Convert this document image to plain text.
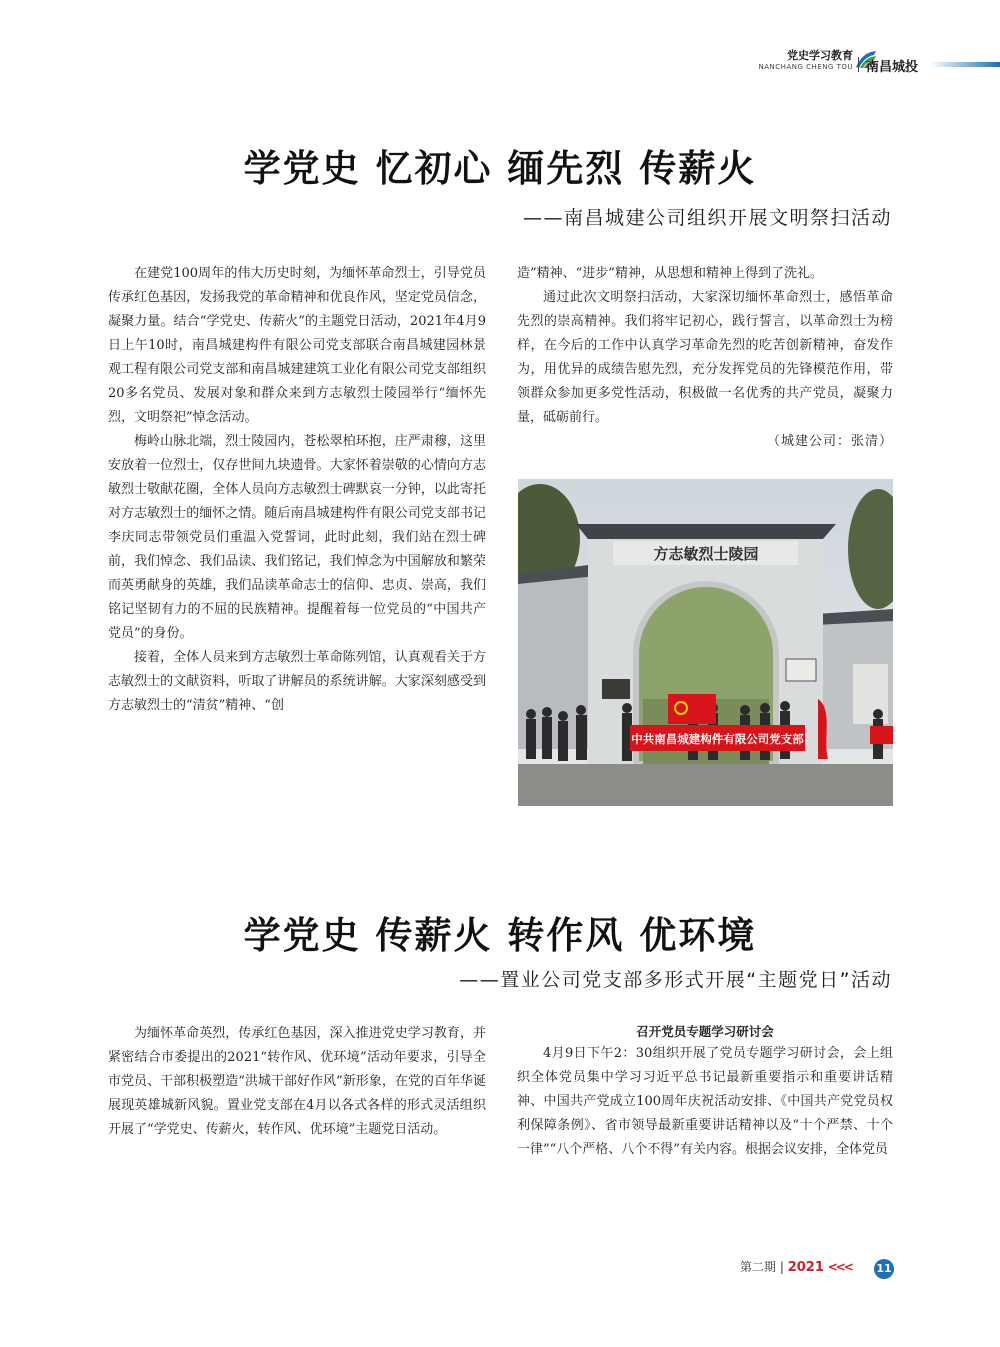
党史学习教育
NANCHANG CHENG TOU 南昌城投
学党史 忆初心 缅先烈 传薪火
——南昌城建公司组织开展文明祭扫活动

在建党100周年的伟大历史时刻，为缅怀革命烈士，引导党员传承红色基因，发扬我党的革命精神和优良作风，坚定党员信念，凝聚力量。结合“学党史、传薪火”的主题党日活动，2021年4月9日上午10时，南昌城建构件有限公司党支部联合南昌城建园林景观工程有限公司党支部和南昌城建建筑工业化有限公司党支部组织20多名党员、发展对象和群众来到方志敏烈士陵园举行“缅怀先烈，文明祭祀”悼念活动。

梅岭山脉北端，烈士陵园内，苍松翠柏环抱，庄严肃穆，这里安放着一位烈士，仅存世间九块遗骨。大家怀着崇敬的心情向方志敏烈士敬献花圈，全体人员向方志敏烈士碑默哀一分钟，以此寄托对方志敏烈士的缅怀之情。随后南昌城建构件有限公司党支部书记李庆同志带领党员们重温入党誓词，此时此刻，我们站在烈士碑前，我们悼念、我们品读、我们铭记，我们悼念为中国解放和繁荣而英勇献身的英雄，我们品读革命志士的信仰、忠贞、崇高，我们铭记坚韧有力的不屈的民族精神。提醒着每一位党员的“中国共产党员”的身份。

接着，全体人员来到方志敏烈士革命陈列馆，认真观看关于方志敏烈士的文献资料，听取了讲解员的系统讲解。大家深刻感受到方志敏烈士的“清贫”精神、“创

造”精神、“进步”精神，从思想和精神上得到了洗礼。

通过此次文明祭扫活动，大家深切缅怀革命烈士，感悟革命先烈的崇高精神。我们将牢记初心，践行誓言，以革命烈士为榜样，在今后的工作中认真学习革命先烈的吃苦创新精神，奋发作为，用优异的成绩告慰先烈，充分发挥党员的先锋模范作用，带领群众参加更多党性活动，积极做一名优秀的共产党员，凝聚力量，砥砺前行。

（城建公司：张清）

方志敏烈士陵园
中共南昌城建构件有限公司党支部
学党史 传薪火 转作风 优环境
——置业公司党支部多形式开展“主题党日”活动

为缅怀革命英烈，传承红色基因，深入推进党史学习教育，并紧密结合市委提出的2021“转作风、优环境”活动年要求，引导全市党员、干部积极塑造“洪城干部好作风”新形象，在党的百年华诞展现英雄城新风貌。置业党支部在4月以各式各样的形式灵活组织开展了“学党史、传薪火，转作风、优环境”主题党日活动。

召开党员专题学习研讨会

4月9日下午2：30组织开展了党员专题学习研讨会，会上组织全体党员集中学习习近平总书记最新重要指示和重要讲话精神、中国共产党成立100周年庆祝活动安排、《中国共产党党员权利保障条例》、省市领导最新重要讲话精神以及“十个严禁、十个一律”“八个严格、八个不得”有关内容。根据会议安排，全体党员

第二期 | 2021 <<< 11
